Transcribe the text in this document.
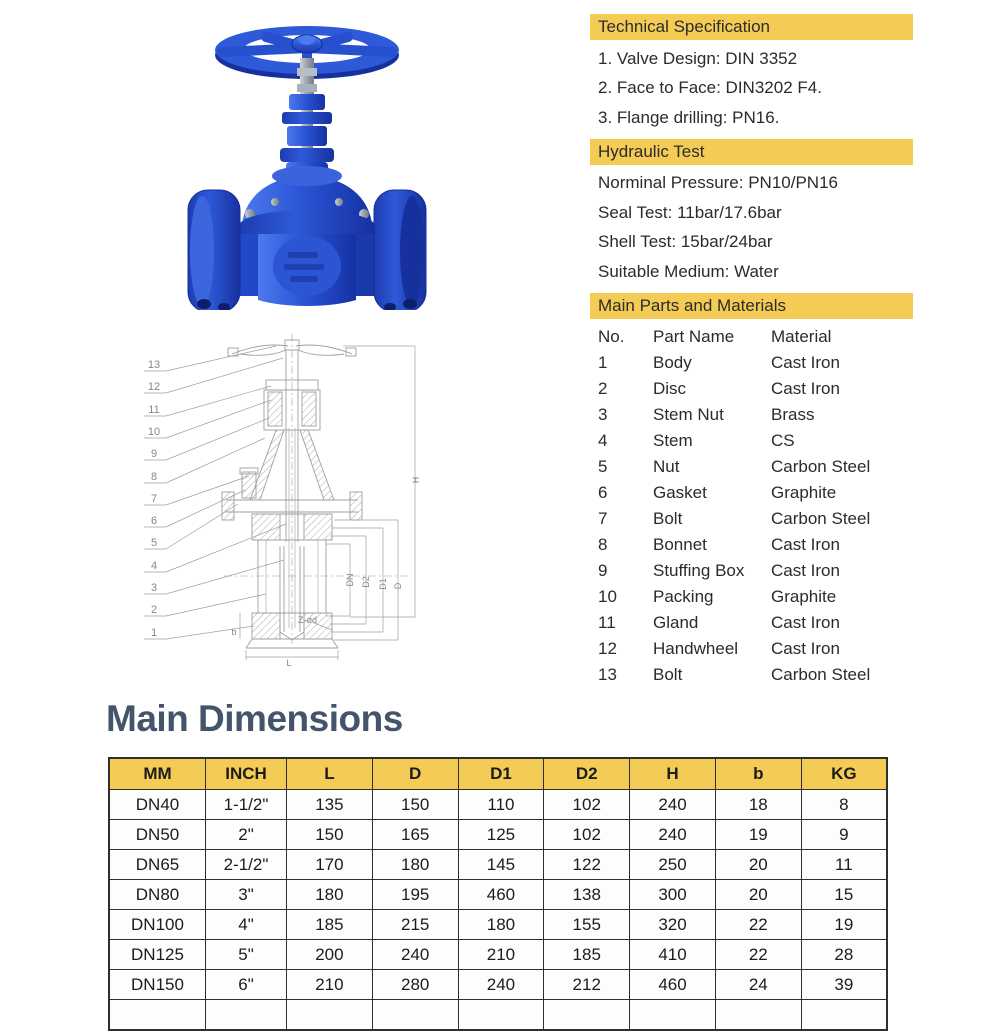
DN D2 D1 D
H
Z-ød
L
b
13
12
11
10
9
8
7
6
5
4
3
2
1
Technical Specification
1. Valve Design: DIN 3352
2. Face to Face: DIN3202 F4.
3. Flange drilling: PN16.
Hydraulic Test
Norminal Pressure: PN10/PN16
Seal Test: 11bar/17.6bar
Shell Test: 15bar/24bar
Suitable Medium: Water
Main Parts and Materials
No.	Part Name	Material
1	Body	Cast Iron
2	Disc	Cast Iron
3	Stem Nut	Brass
4	Stem	CS
5	Nut	Carbon Steel
6	Gasket	Graphite
7	Bolt	Carbon Steel
8	Bonnet	Cast Iron
9	Stuffing Box	Cast Iron
10	Packing	Graphite
11	Gland	Cast Iron
12	Handwheel	Cast Iron
13	Bolt	Carbon Steel
Main Dimensions
MM	INCH	L	D	D1	D2	H	b	KG
DN40	1-1/2"	135	150	110	102	240	18	8
DN50	2"	150	165	125	102	240	19	9
DN65	2-1/2"	170	180	145	122	250	20	11
DN80	3"	180	195	460	138	300	20	15
DN100	4"	185	215	180	155	320	22	19
DN125	5"	200	240	210	185	410	22	28
DN150	6"	210	280	240	212	460	24	39
